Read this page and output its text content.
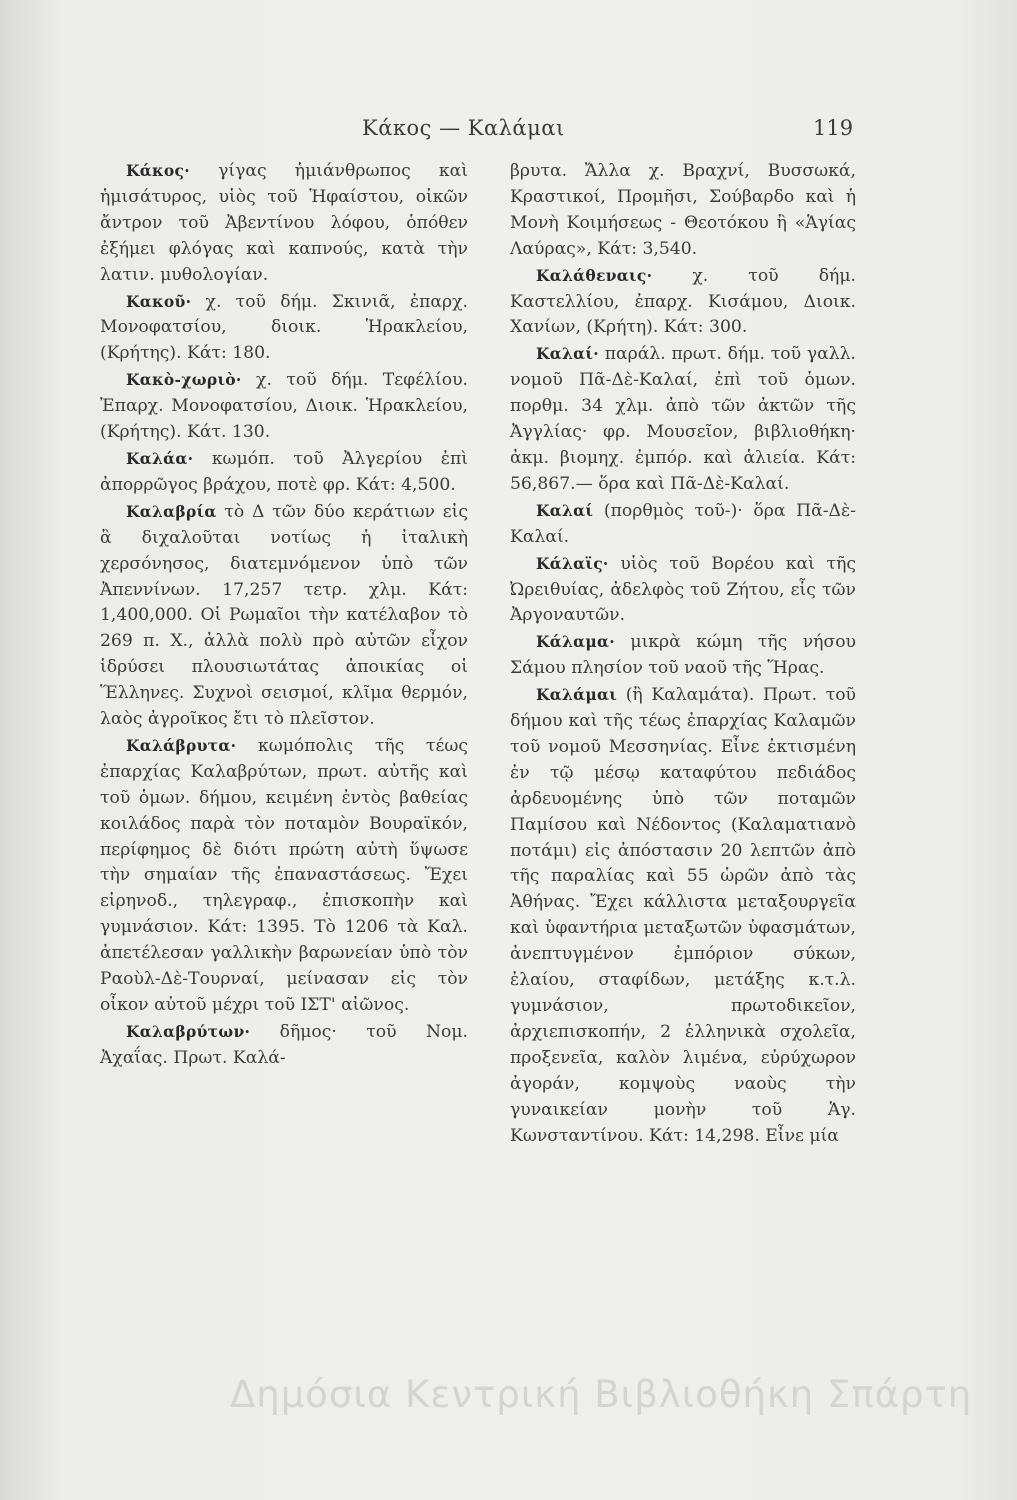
Κάκος — Καλάμαι	119

Κάκος· γίγας ἡμιάνθρωπος καὶ ἡμισάτυρος, υἱὸς τοῦ Ἡφαίστου, οἰκῶν ἄντρον τοῦ Ἀβεντίνου λόφου, ὁπόθεν ἐξήμει φλόγας καὶ καπνούς, κατὰ τὴν λατιν. μυθολογίαν.

Κακοῦ· χ. τοῦ δήμ. Σκινιᾶ, ἐπαρχ. Μονοφατσίου, διοικ. Ἡρακλείου, (Κρήτης). Κάτ: 180.

Κακὸ-χωριὸ· χ. τοῦ δήμ. Τεφέλίου. Ἐπαρχ. Μονοφατσίου, Διοικ. Ἡρακλείου, (Κρήτης). Κάτ. 130.

Καλάα· κωμόπ. τοῦ Ἀλγερίου ἐπὶ ἀπορρῶγος βράχου, ποτὲ φρ. Κάτ: 4,500.

Καλαβρία τὸ Δ τῶν δύο κεράτιων εἰς ἃ διχαλοῦται νοτίως ἡ ἰταλικὴ χερσόνησος, διατεμνόμενον ὑπὸ τῶν Ἀπεννίνων. 17,257 τετρ. χλμ. Κάτ: 1,400,000. Οἱ Ρωμαῖοι τὴν κατέλαβον τὸ 269 π. Χ., ἀλλὰ πολὺ πρὸ αὐτῶν εἶχον ἱδρύσει πλουσιωτάτας ἀποικίας οἱ Ἕλληνες. Συχνοὶ σεισμοί, κλῖμα θερμόν, λαὸς ἀγροῖκος ἔτι τὸ πλεῖστον.

Καλάβρυτα· κωμόπολις τῆς τέως ἐπαρχίας Καλαβρύτων, πρωτ. αὐτῆς καὶ τοῦ ὁμων. δήμου, κειμένη ἐντὸς βαθείας κοιλάδος παρὰ τὸν ποταμὸν Βουραϊκόν, περίφημος δὲ διότι πρώτη αὐτὴ ὕψωσε τὴν σημαίαν τῆς ἐπαναστάσεως. Ἔχει εἰρηνοδ., τηλεγραφ., ἐπισκοπὴν καὶ γυμνάσιον. Κάτ: 1395. Τὸ 1206 τὰ Καλ. ἀπετέλεσαν γαλλικὴν βαρωνείαν ὑπὸ τὸν Ραοὺλ-Δὲ-Τουρναί, μείνασαν εἰς τὸν οἶκον αὐτοῦ μέχρι τοῦ ΙΣΤ' αἰῶνος.

Καλαβρύτων· δῆμος· τοῦ Νομ. Ἀχαΐας. Πρωτ. Καλά-

βρυτα. Ἄλλα χ. Βραχνί, Βυσσωκά, Κραστικοί, Προμῆσι, Σούβαρδο καὶ ἡ Μονὴ Κοιμήσεως - Θεοτόκου ἢ «Ἁγίας Λαύρας», Κάτ: 3,540.

Καλάθεναις· χ. τοῦ δήμ. Καστελλίου, ἐπαρχ. Κισάμου, Διοικ. Χανίων, (Κρήτη). Κάτ: 300.

Καλαί· παράλ. πρωτ. δήμ. τοῦ γαλλ. νομοῦ Πᾶ-Δὲ-Καλαί, ἐπὶ τοῦ ὁμων. πορθμ. 34 χλμ. ἀπὸ τῶν ἀκτῶν τῆς Ἀγγλίας· φρ. Μουσεῖον, βιβλιοθήκη· ἀκμ. βιομηχ. ἐμπόρ. καὶ ἁλιεία. Κάτ: 56,867.— ὅρα καὶ Πᾶ-Δὲ-Καλαί.

Καλαί (πορθμὸς τοῦ-)· ὅρα Πᾶ-Δὲ-Καλαί.

Κάλαϊς· υἱὸς τοῦ Βορέου καὶ τῆς Ὠρειθυίας, ἀδελφὸς τοῦ Ζήτου, εἷς τῶν Ἀργοναυτῶν.

Κάλαμα· μικρὰ κώμη τῆς νήσου Σάμου πλησίον τοῦ ναοῦ τῆς Ἥρας.

Καλάμαι (ἢ Καλαμάτα). Πρωτ. τοῦ δήμου καὶ τῆς τέως ἐπαρχίας Καλαμῶν τοῦ νομοῦ Μεσσηνίας. Εἶνε ἐκτισμένη ἐν τῷ μέσῳ καταφύτου πεδιάδος ἀρδευομένης ὑπὸ τῶν ποταμῶν Παμίσου καὶ Νέδοντος (Καλαματιανὸ ποτάμι) εἰς ἀπόστασιν 20 λεπτῶν ἀπὸ τῆς παραλίας καὶ 55 ὡρῶν ἀπὸ τὰς Ἀθήνας. Ἔχει κάλλιστα μεταξουργεῖα καὶ ὑφαντήρια μεταξωτῶν ὑφασμάτων, ἀνεπτυγμένον ἐμπόριον σύκων, ἐλαίου, σταφίδων, μετάξης κ.τ.λ. γυμνάσιον, πρωτοδικεῖον, ἀρχιεπισκοπήν, 2 ἑλληνικὰ σχολεῖα, προξενεῖα, καλὸν λιμένα, εὐρύχωρον ἀγοράν, κομψοὺς ναοὺς τὴν γυναικείαν μονὴν τοῦ Ἁγ. Κωνσταντίνου. Κάτ: 14,298. Εἶνε μία

Δημόσια Κεντρική Βιβλιοθήκη Σπάρτη
